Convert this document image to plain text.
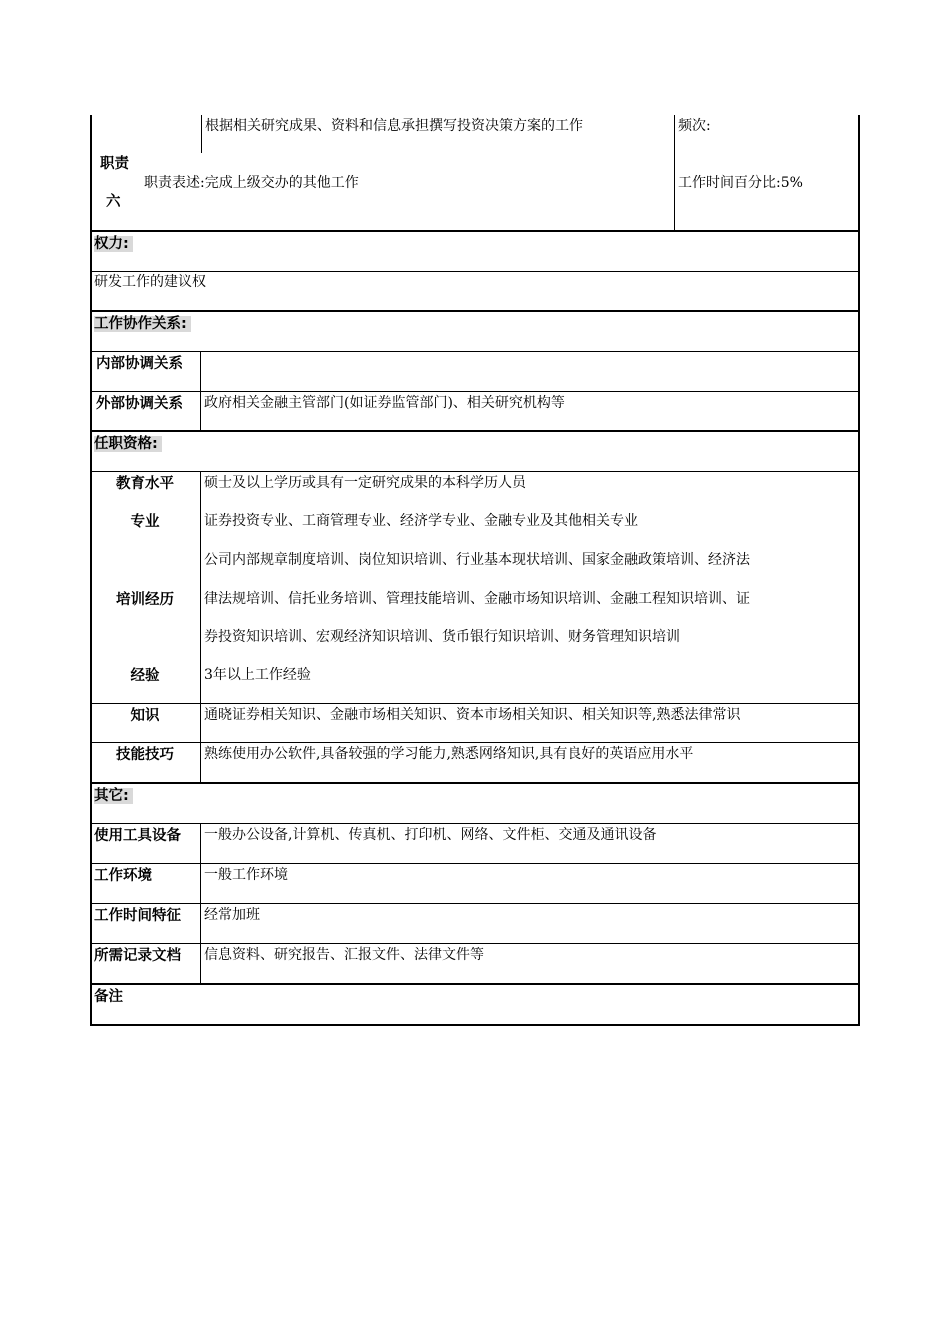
职责
六
根据相关研究成果、资料和信息承担撰写投资决策方案的工作	频次:
职责表述:完成上级交办的其他工作	工作时间百分比:5%
权力:
研发工作的建议权
工作协作关系:
内部协调关系
外部协调关系 政府相关金融主管部门(如证券监管部门)、相关研究机构等
任职资格:
教育水平	硕士及以上学历或具有一定研究成果的本科学历人员
专业	证券投资专业、工商管理专业、经济学专业、金融专业及其他相关专业
培训经历
公司内部规章制度培训、岗位知识培训、行业基本现状培训、国家金融政策培训、经济法
律法规培训、信托业务培训、管理技能培训、金融市场知识培训、金融工程知识培训、证
券投资知识培训、宏观经济知识培训、货币银行知识培训、财务管理知识培训
经验	3年以上工作经验
知识	通晓证券相关知识、金融市场相关知识、资本市场相关知识、相关知识等,熟悉法律常识
技能技巧	熟练使用办公软件,具备较强的学习能力,熟悉网络知识,具有良好的英语应用水平
其它:
使用工具设备 一般办公设备,计算机、传真机、打印机、网络、文件柜、交通及通讯设备
工作环境	一般工作环境
工作时间特征 经常加班
所需记录文档 信息资料、研究报告、汇报文件、法律文件等
备注
